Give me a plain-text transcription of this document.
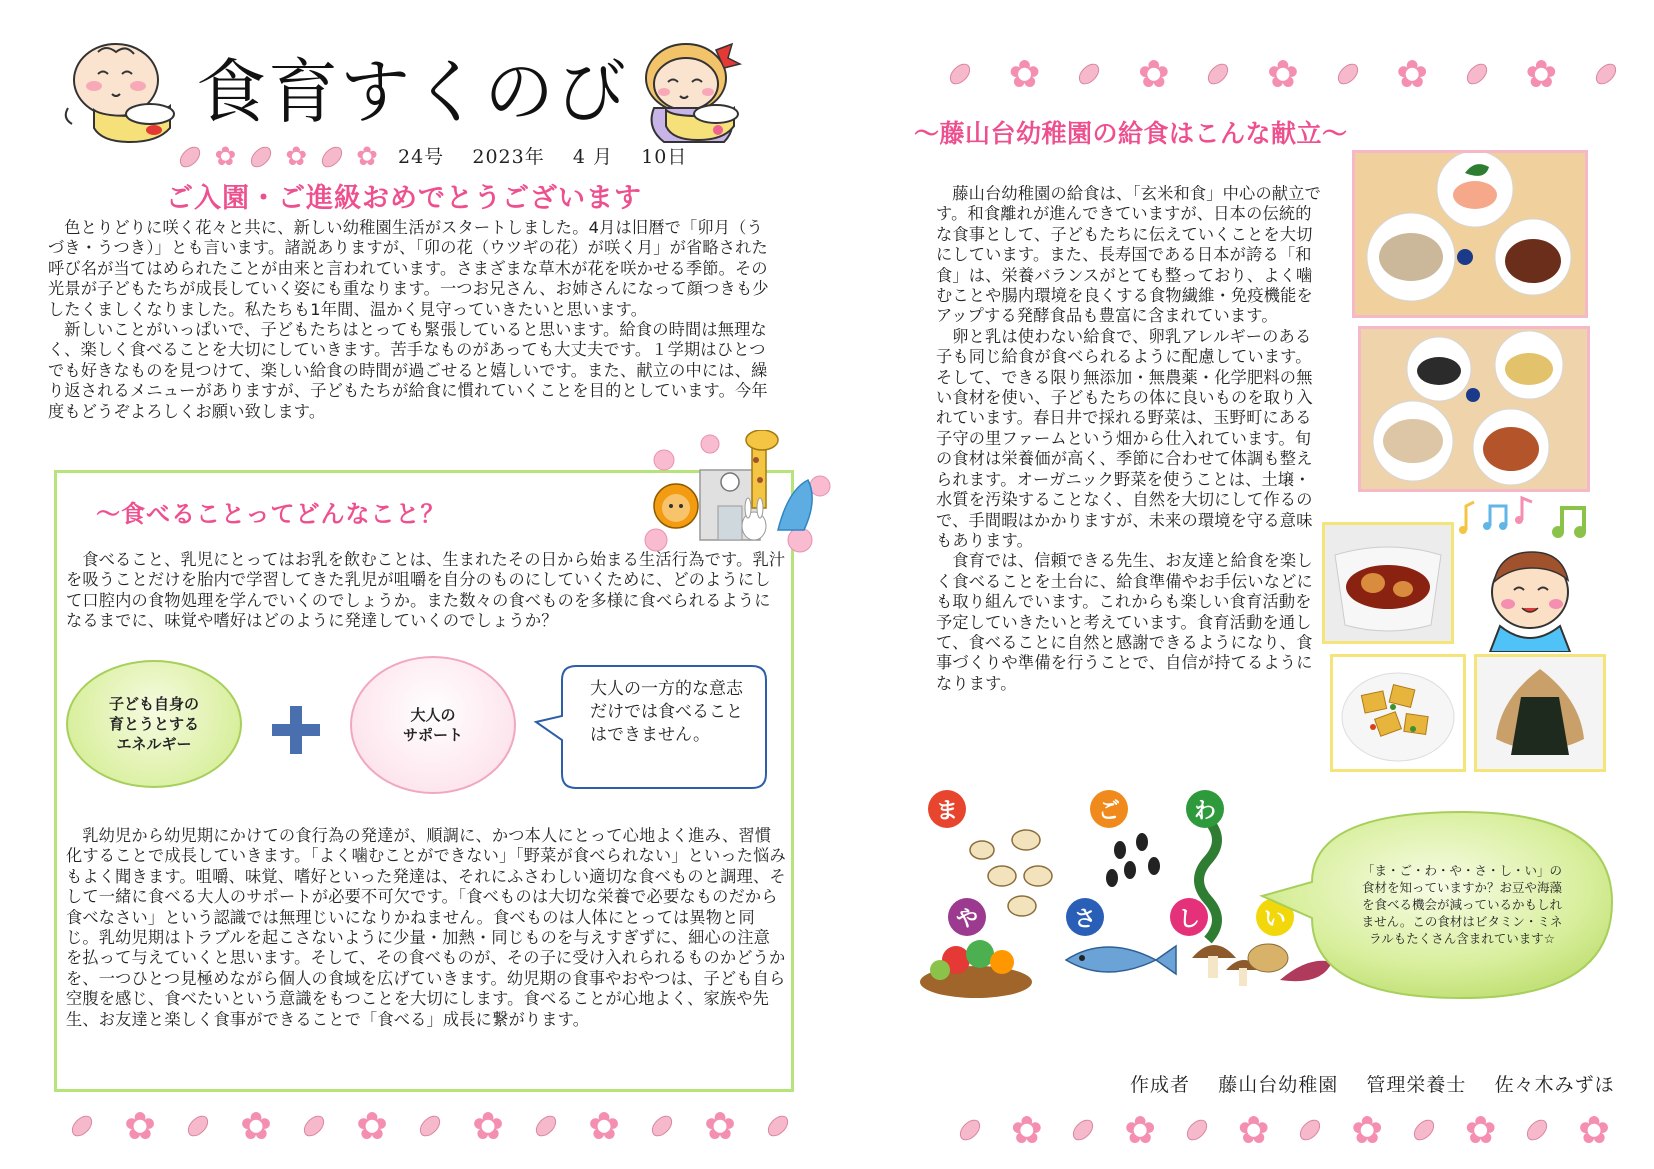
食育すくのび
✿ ✿ ✿ 24号 2023年 4 月 10日
ご入園・ご進級おめでとうございます

色とりどりに咲く花々と共に、新しい幼稚園生活がスタートしました。4月は旧暦で「卯月（うづき・うつき）」とも言います。諸説ありますが、「卯の花（ウツギの花）が咲く月」が省略された呼び名が当てはめられたことが由来と言われています。さまざまな草木が花を咲かせる季節。その光景が子どもたちが成長していく姿にも重なります。一つお兄さん、お姉さんになって顔つきも少したくましくなりました。私たちも1年間、温かく見守っていきたいと思います。

新しいことがいっぱいで、子どもたちはとっても緊張していると思います。給食の時間は無理なく、楽しく食べることを大切にしていきます。苦手なものがあっても大丈夫です。１学期はひとつでも好きなものを見つけて、楽しい給食の時間が過ごせると嬉しいです。また、献立の中には、繰り返されるメニューがありますが、子どもたちが給食に慣れていくことを目的としています。今年度もどうぞよろしくお願い致します。

～食べることってどんなこと？

食べること、乳児にとってはお乳を飲むことは、生まれたその日から始まる生活行為です。乳汁を吸うことだけを胎内で学習してきた乳児が咀嚼を自分のものにしていくために、どのようにして口腔内の食物処理を学んでいくのでしょうか。また数々の食べものを多様に食べられるようになるまでに、味覚や嗜好はどのように発達していくのでしょうか？

子ども自身の
育とうとする
エネルギー
大人の
サポート
大人の一方的な意志だけでは食べることはできません。

乳幼児から幼児期にかけての食行為の発達が、順調に、かつ本人にとって心地よく進み、習慣化することで成長していきます。「よく噛むことができない」「野菜が食べられない」といった悩みもよく聞きます。咀嚼、味覚、嗜好といった発達は、それにふさわしい適切な食べものと調理、そして一緒に食べる大人のサポートが必要不可欠です。「食べものは大切な栄養で必要なものだから食べなさい」という認識では無理じいになりかねません。食べものは人体にとっては異物と同じ。乳幼児期はトラブルを起こさないように少量・加熱・同じものを与えすぎずに、細心の注意を払って与えていくと思います。そして、その食べものが、その子に受け入れられるものかどうかを、一つひとつ見極めながら個人の食域を広げていきます。幼児期の食事やおやつは、子ども自ら空腹を感じ、食べたいという意識をもつことを大切にします。食べることが心地よく、家族や先生、お友達と楽しく食事ができることで「食べる」成長に繋がります。

✿ ✿ ✿ ✿ ✿ ✿
✿	✿	✿	✿	✿
～藤山台幼稚園の給食はこんな献立～

藤山台幼稚園の給食は、「玄米和食」中心の献立です。和食離れが進んできていますが、日本の伝統的な食事として、子どもたちに伝えていくことを大切にしています。また、長寿国である日本が誇る「和食」は、栄養バランスがとても整っており、よく噛むことや腸内環境を良くする食物繊維・免疫機能をアップする発酵食品も豊富に含まれています。

卵と乳は使わない給食で、卵乳アレルギーのある子も同じ給食が食べられるように配慮しています。そして、できる限り無添加・無農薬・化学肥料の無い食材を使い、子どもたちの体に良いものを取り入れています。春日井で採れる野菜は、玉野町にある子守の里ファームという畑から仕入れています。旬の食材は栄養価が高く、季節に合わせて体調も整えられます。オーガニック野菜を使うことは、土壌・水質を汚染することなく、自然を大切にして作るので、手間暇はかかりますが、未来の環境を守る意味もあります。

食育では、信頼できる先生、お友達と給食を楽しく食べることを土台に、給食準備やお手伝いなどにも取り組んでいます。これからも楽しい食育活動を予定していきたいと考えています。食育活動を通して、食べることに自然と感謝できるようになり、食事づくりや準備を行うことで、自信が持てるようになります。

ま	ご	わ
や	さ	し	い
「ま・ご・わ・や・さ・し・い」の食材を知っていますか？お豆や海藻を食べる機会が減っているかもしれません。この食材はビタミン・ミネラルもたくさん含まれています☆
作成者 藤山台幼稚園 管理栄養士 佐々木みずほ
✿ ✿ ✿ ✿ ✿ ✿
